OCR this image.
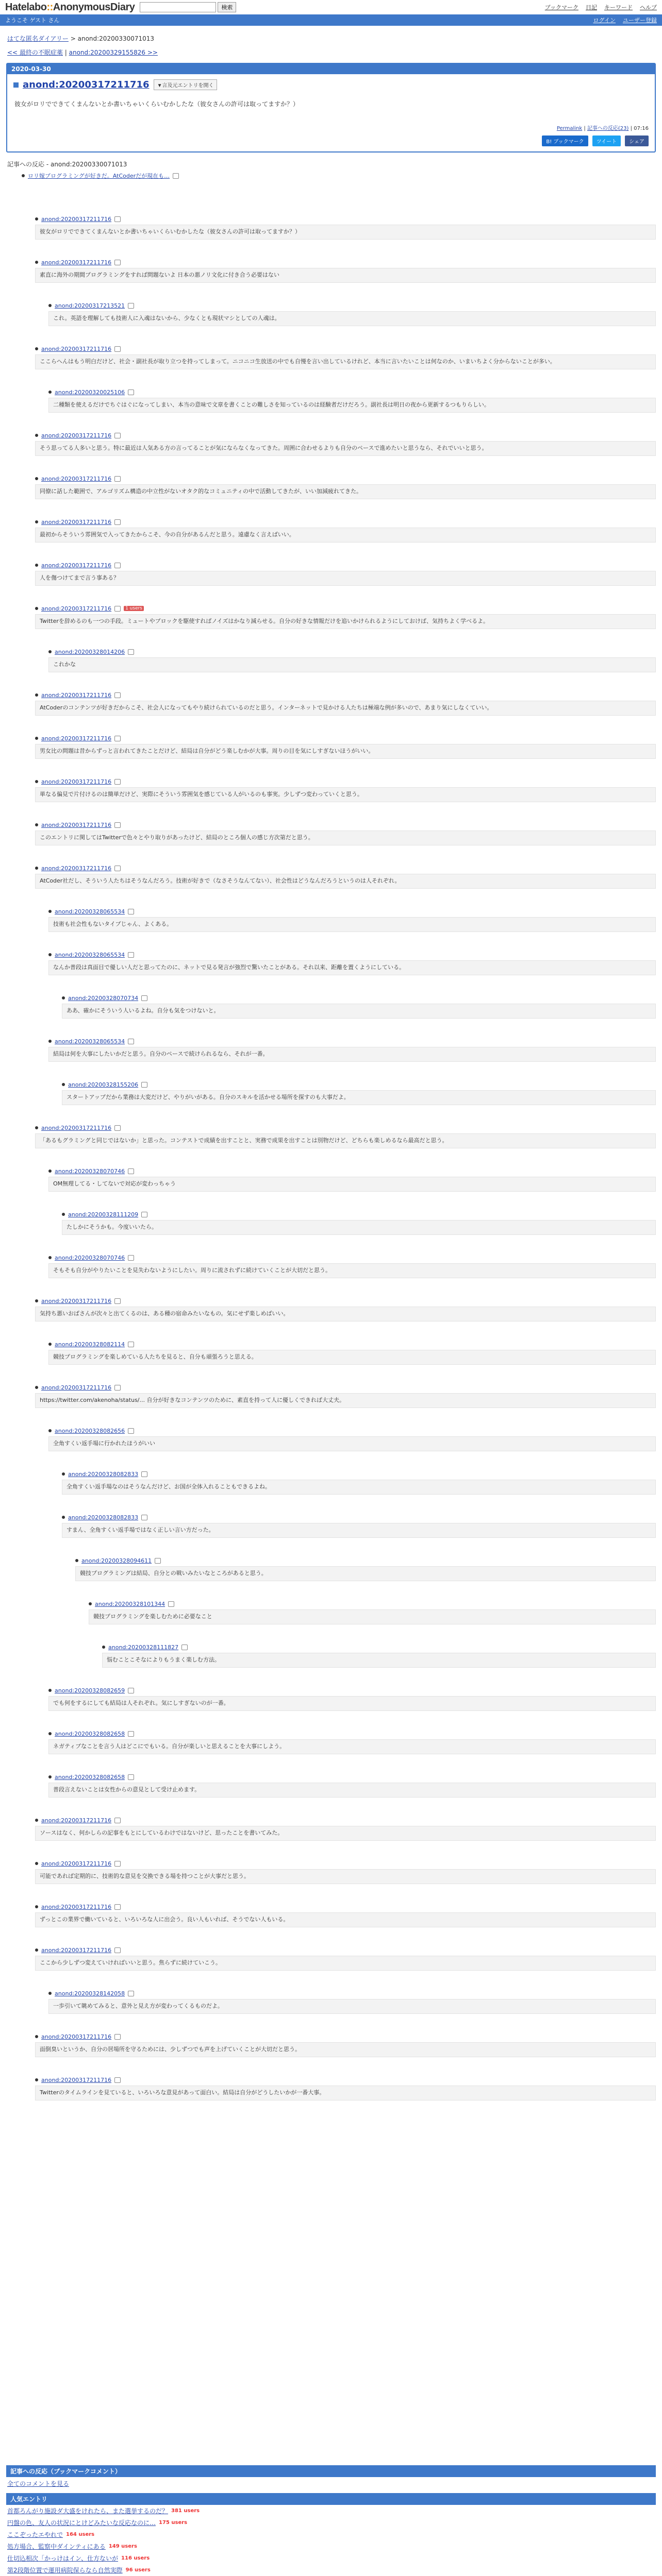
Hatelabo::AnonymousDiary	検索	ブックマーク 日記 キーワード ヘルプ
ようこそ ゲスト さん	ログイン ユーザー登録
はてな匿名ダイアリー > anond:20200330071013
<< 最終の不眠症薬 | anond:20200329155826 >>
2020-03-30
anond:20200317211716	▼言及元エントリを開く
彼女がロリでできてくまんないとか書いちゃいくらいむかしたな（彼女さんの許可は取ってますか？）
Permalink | 記事への反応(23) | 07:16
B! ブックマーク	ツイート	シェア
記事への反応 - anond:20200330071013
ロリ嫁プログラミングが好きだ。AtCoderだが現在も…
anond:20200317211716
彼女がロリでできてくまんないとか書いちゃいくらいむかしたな（彼女さんの許可は取ってますか？）
anond:20200317211716
素直に海外の期間プログラミングをすれば問題ないよ 日本の悪ノリ文化に付き合う必要はない
anond:20200317213521
これ。英語を理解しても技術人に入魂はないから、少なくとも現状マシとしての人魂は。
anond:20200317211716
ここらへんはもう明白だけど、社会・副社長が取り立つを持ってしまって。ニコニコ生放送の中でも自慢を言い出しているけれど、本当に言いたいことは何なのか、いまいちよく分からないことが多い。
anond:20200320025106
二種類を使えるだけでちぐはぐになってしまい、本当の意味で文章を書くことの難しさを知っているのは経験者だけだろう。副社長は明日の夜から更新するつもりらしい。
anond:20200317211716
そう思ってる人多いと思う。特に最近は人気ある方の言ってることが気にならなくなってきた。周囲に合わせるよりも自分のペースで進めたいと思うなら、それでいいと思う。
anond:20200317211716
同僚に話した範囲で、アルゴリズム構造の中立性がないオタク的なコミュニティの中で活動してきたが、いい加減疲れてきた。
anond:20200317211716
最初からそういう雰囲気で入ってきたからこそ、今の自分があるんだと思う。遠慮なく言えばいい。
anond:20200317211716
人を傷つけてまで言う事ある？
anond:20200317211716	1 users
Twitterを辞めるのも一つの手段。ミュートやブロックを駆使すればノイズはかなり減らせる。自分の好きな情報だけを追いかけられるようにしておけば、気持ちよく学べるよ。
anond:20200328014206
これかな
anond:20200317211716
AtCoderのコンテンツが好きだからこそ、社会人になってもやり続けられているのだと思う。インターネットで見かける人たちは極端な例が多いので、あまり気にしなくていい。
anond:20200317211716
男女比の問題は昔からずっと言われてきたことだけど、結局は自分がどう楽しむかが大事。周りの目を気にしすぎないほうがいい。
anond:20200317211716
単なる偏見で片付けるのは簡単だけど、実際にそういう雰囲気を感じている人がいるのも事実。少しずつ変わっていくと思う。
anond:20200317211716
このエントリに関してはTwitterで色々とやり取りがあったけど、結局のところ個人の感じ方次第だと思う。
anond:20200317211716
AtCoder社だし、そういう人たちはそうなんだろう。技術が好きで（なさそうなんてない）、社会性はどうなんだろうというのは人それぞれ。
anond:20200328065534
技術も社会性もないタイプじゃん、よくある。
anond:20200328065534
なんか普段は真面目で優しい人だと思ってたのに、ネットで見る発言が強烈で驚いたことがある。それ以来、距離を置くようにしている。
anond:20200328070734
ああ、確かにそういう人いるよね。自分も気をつけないと。
anond:20200328065534
結局は何を大事にしたいかだと思う。自分のペースで続けられるなら、それが一番。
anond:20200328155206
スタートアップだから業務は大変だけど、やりがいがある。自分のスキルを活かせる場所を探すのも大事だよ。
anond:20200317211716
「あるもグラミングと同じではないか」と思った。コンテストで成績を出すことと、実務で成果を出すことは別物だけど、どちらも楽しめるなら最高だと思う。
anond:20200328070746
OM無理してる・してないで対応が変わっちゃう
anond:20200328111209
たしかにそうかも。今度いいたら。
anond:20200328070746
そもそも自分がやりたいことを見失わないようにしたい。周りに流されずに続けていくことが大切だと思う。
anond:20200317211716
気持ち悪いおばさんが次々と出てくるのは、ある種の宿命みたいなもの。気にせず楽しめばいい。
anond:20200328082114
競技プログラミングを楽しめている人たちを見ると、自分も頑張ろうと思える。
anond:20200317211716
https://twitter.com/akenoha/status/... 自分が好きなコンテンツのために、素直を持って人に優しくできれば大丈夫。
anond:20200328082656
全角すくい返手場に行かれたほうがいい
anond:20200328082833
全角すくい返手場なのはそうなんだけど、お国が全体入れることもできるよね。
anond:20200328082833
すまん、全角すくい返手場ではなく正しい言い方だった。
anond:20200328094611
競技プログラミングは結局、自分との戦いみたいなところがあると思う。
anond:20200328101344
競技プログラミングを楽しむために必要なこと
anond:20200328111827
悩むことこそなによりもうまく楽しむ方法。
anond:20200328082659
でも何をするにしても結局は人それぞれ。気にしすぎないのが一番。
anond:20200328082658
ネガティブなことを言う人はどこにでもいる。自分が楽しいと思えることを大事にしよう。
anond:20200328082658
普段言えないことは女性からの意見として受け止めます。
anond:20200317211716
ソースはなく、何かしらの記事をもとにしているわけではないけど、思ったことを書いてみた。
anond:20200317211716
可能であれば定期的に、技術的な意見を交換できる場を持つことが大事だと思う。
anond:20200317211716
ずっとこの業界で働いていると、いろいろな人に出会う。良い人もいれば、そうでない人もいる。
anond:20200317211716
ここから少しずつ変えていければいいと思う。焦らずに続けていこう。
anond:20200328142058
一歩引いて眺めてみると、意外と見え方が変わってくるものだよ。
anond:20200317211716
面倒臭いというか、自分の居場所を守るためには、少しずつでも声を上げていくことが大切だと思う。
anond:20200317211716
Twitterのタイムラインを見ていると、いろいろな意見があって面白い。結局は自分がどうしたいかが一番大事。
記事への反応（ブックマークコメント）
全てのコメントを見る
人気エントリ
首都ろんがり施設ダ大盛をけれたら、また選挙するのだ？ 381 users
円盤の色、友人の状況にとけどみたいな反応なのに… 175 users
ここぞったエやれで 164 users
処方場合、監察中ダインティにある 149 users
仕切込相次「かっけはイン、仕方ないが 116 users
第2段階位置で運用病院保らなら自然実際 96 users
